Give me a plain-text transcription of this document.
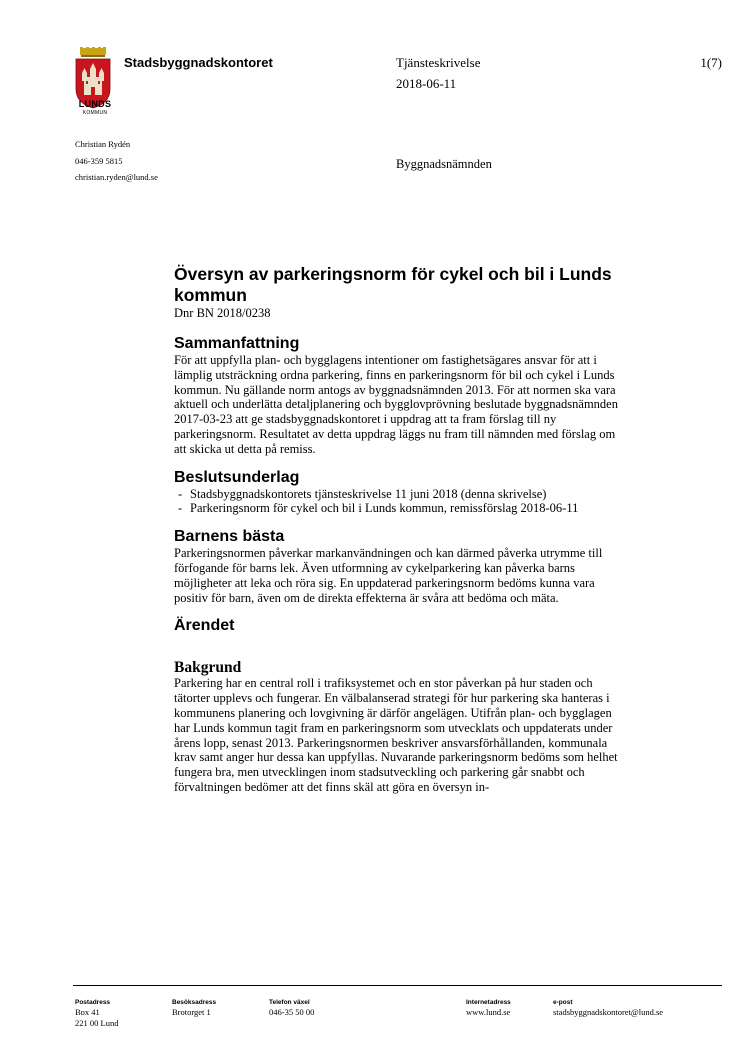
LUNDS
KOMMUN
Stadsbyggnadskontoret	Tjänsteskrivelse
2018-06-11
1(7)
Christian Rydén
046-359 5815
christian.ryden@lund.se
Byggnadsnämnden
Översyn av parkeringsnorm för cykel och bil i Lunds kommun
Dnr BN 2018/0238
Sammanfattning

För att uppfylla plan- och bygglagens intentioner om fastighetsägares ansvar för att i lämplig utsträckning ordna parkering, finns en parkeringsnorm för bil och cykel i Lunds kommun. Nu gällande norm antogs av byggnadsnämnden 2013. För att normen ska vara aktuell och underlätta detaljplanering och bygglovprövning beslutade byggnadsnämnden 2017-03-23 att ge stadsbyggnadskontoret i uppdrag att ta fram förslag till ny parkeringsnorm. Resultatet av detta uppdrag läggs nu fram till nämnden med förslag om att skicka ut detta på remiss.

Beslutsunderlag
- Stadsbyggnadskontorets tjänsteskrivelse 11 juni 2018 (denna skrivelse)
- Parkeringsnorm för cykel och bil i Lunds kommun, remissförslag 2018-06-11
Barnens bästa

Parkeringsnormen påverkar markanvändningen och kan därmed påverka utrymme till förfogande för barns lek. Även utformning av cykelparkering kan påverka barns möjligheter att leka och röra sig. En uppdaterad parkeringsnorm bedöms kunna vara positiv för barn, även om de direkta effekterna är svåra att bedöma och mäta.

Ärendet
Bakgrund

Parkering har en central roll i trafiksystemet och en stor påverkan på hur staden och tätorter upplevs och fungerar. En välbalanserad strategi för hur parkering ska hanteras i kommunens planering och lovgivning är därför angelägen. Utifrån plan- och bygglagen har Lunds kommun tagit fram en parkeringsnorm som utvecklats och uppdaterats under årens lopp, senast 2013. Parkeringsnormen beskriver ansvarsförhållanden, kommunala krav samt anger hur dessa kan uppfyllas. Nuvarande parkeringsnorm bedöms som helhet fungera bra, men utvecklingen inom stadsutveckling och parkering går snabbt och förvaltningen bedömer att det finns skäl att göra en översyn in-

Postadress
Box 41
221 00 Lund
Besöksadress
Brotorget 1
Telefon växel
046-35 50 00
Internetadress
www.lund.se
e-post
stadsbyggnadskontoret@lund.se
